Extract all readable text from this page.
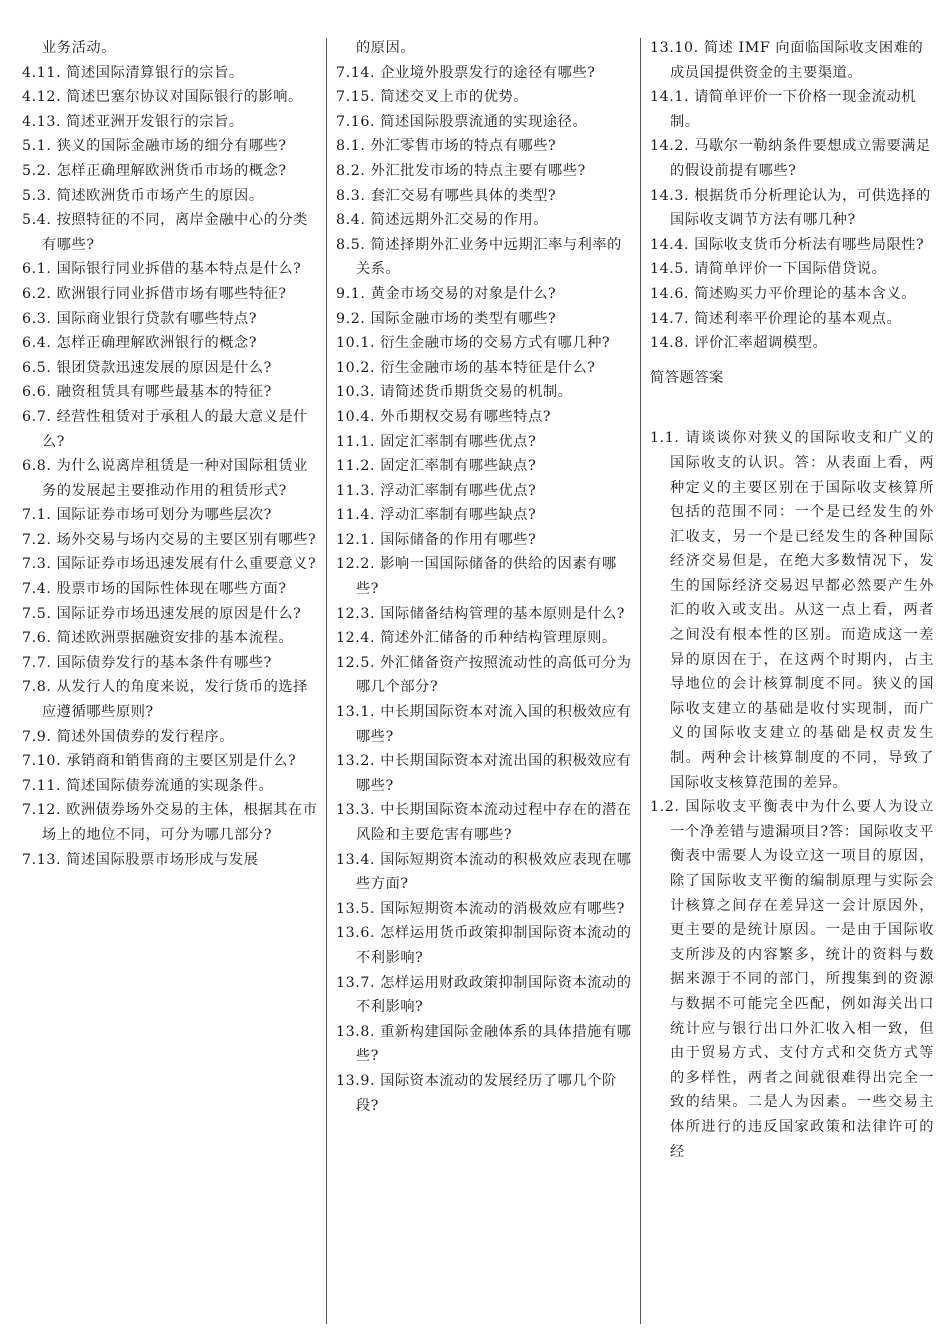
业务活动。

4.11. 简述国际清算银行的宗旨。

4.12. 简述巴塞尔协议对国际银行的影响。

4.13. 简述亚洲开发银行的宗旨。

5.1. 狭义的国际金融市场的细分有哪些?

5.2. 怎样正确理解欧洲货币市场的概念?

5.3. 简述欧洲货币市场产生的原因。

5.4. 按照特征的不同，离岸金融中心的分类有哪些?

6.1. 国际银行同业拆借的基本特点是什么?

6.2. 欧洲银行同业拆借市场有哪些特征?

6.3. 国际商业银行贷款有哪些特点?

6.4. 怎样正确理解欧洲银行的概念?

6.5. 银团贷款迅速发展的原因是什么?

6.6. 融资租赁具有哪些最基本的特征?

6.7. 经营性租赁对于承租人的最大意义是什么?

6.8. 为什么说离岸租赁是一种对国际租赁业务的发展起主要推动作用的租赁形式?

7.1. 国际证券市场可划分为哪些层次?

7.2. 场外交易与场内交易的主要区别有哪些?

7.3. 国际证券市场迅速发展有什么重要意义?

7.4. 股票市场的国际性体现在哪些方面?

7.5. 国际证券市场迅速发展的原因是什么?

7.6. 简述欧洲票据融资安排的基本流程。

7.7. 国际债券发行的基本条件有哪些?

7.8. 从发行人的角度来说，发行货币的选择应遵循哪些原则?

7.9. 简述外国债券的发行程序。

7.10. 承销商和销售商的主要区别是什么?

7.11. 简述国际债券流通的实现条件。

7.12. 欧洲债券场外交易的主体，根据其在市场上的地位不同，可分为哪几部分?

7.13. 简述国际股票市场形成与发展

的原因。

7.14. 企业境外股票发行的途径有哪些?

7.15. 简述交叉上市的优势。

7.16. 简述国际股票流通的实现途径。

8.1. 外汇零售市场的特点有哪些?

8.2. 外汇批发市场的特点主要有哪些?

8.3. 套汇交易有哪些具体的类型?

8.4. 简述远期外汇交易的作用。

8.5. 简述择期外汇业务中远期汇率与利率的关系。

9.1. 黄金市场交易的对象是什么?

9.2. 国际金融市场的类型有哪些?

10.1. 衍生金融市场的交易方式有哪几种?

10.2. 衍生金融市场的基本特征是什么?

10.3. 请简述货币期货交易的机制。

10.4. 外币期权交易有哪些特点?

11.1. 固定汇率制有哪些优点?

11.2. 固定汇率制有哪些缺点?

11.3. 浮动汇率制有哪些优点?

11.4. 浮动汇率制有哪些缺点?

12.1. 国际储备的作用有哪些?

12.2. 影响一国国际储备的供给的因素有哪些?

12.3. 国际储备结构管理的基本原则是什么?

12.4. 简述外汇储备的币种结构管理原则。

12.5. 外汇储备资产按照流动性的高低可分为哪几个部分?

13.1. 中长期国际资本对流入国的积极效应有哪些?

13.2. 中长期国际资本对流出国的积极效应有哪些?

13.3. 中长期国际资本流动过程中存在的潜在风险和主要危害有哪些?

13.4. 国际短期资本流动的积极效应表现在哪些方面?

13.5. 国际短期资本流动的消极效应有哪些?

13.6. 怎样运用货币政策抑制国际资本流动的不利影响?

13.7. 怎样运用财政政策抑制国际资本流动的不利影响?

13.8. 重新构建国际金融体系的具体措施有哪些?

13.9. 国际资本流动的发展经历了哪几个阶段?

13.10. 简述 IMF 向面临国际收支困难的成员国提供资金的主要渠道。

14.1. 请简单评价一下价格一现金流动机制。

14.2. 马歇尔一勒纳条件要想成立需要满足的假设前提有哪些?

14.3. 根据货币分析理论认为，可供选择的国际收支调节方法有哪几种?

14.4. 国际收支货币分析法有哪些局限性?

14.5. 请简单评价一下国际借贷说。

14.6. 简述购买力平价理论的基本含义。

14.7. 简述利率平价理论的基本观点。

14.8. 评价汇率超调模型。

简答题答案

1.1. 请谈谈你对狭义的国际收支和广义的国际收支的认识。答：从表面上看，两种定义的主要区别在于国际收支核算所包括的范围不同：一个是已经发生的外汇收支，另一个是已经发生的各种国际经济交易但是，在绝大多数情况下，发生的国际经济交易迟早都必然要产生外汇的收入或支出。从这一点上看，两者之间没有根本性的区别。而造成这一差异的原因在于，在这两个时期内，占主导地位的会计核算制度不同。狭义的国际收支建立的基础是收付实现制，而广义的国际收支建立的基础是权责发生制。两种会计核算制度的不同，导致了国际收支核算范围的差异。

1.2. 国际收支平衡表中为什么要人为设立一个净差错与遗漏项目?答：国际收支平衡表中需要人为设立这一项目的原因，除了国际收支平衡的编制原理与实际会计核算之间存在差异这一会计原因外，更主要的是统计原因。一是由于国际收支所涉及的内容繁多，统计的资料与数据来源于不同的部门，所搜集到的资源与数据不可能完全匹配，例如海关出口统计应与银行出口外汇收入相一致，但由于贸易方式、支付方式和交货方式等的多样性，两者之间就很难得出完全一致的结果。二是人为因素。一些交易主体所进行的违反国家政策和法律许可的经
